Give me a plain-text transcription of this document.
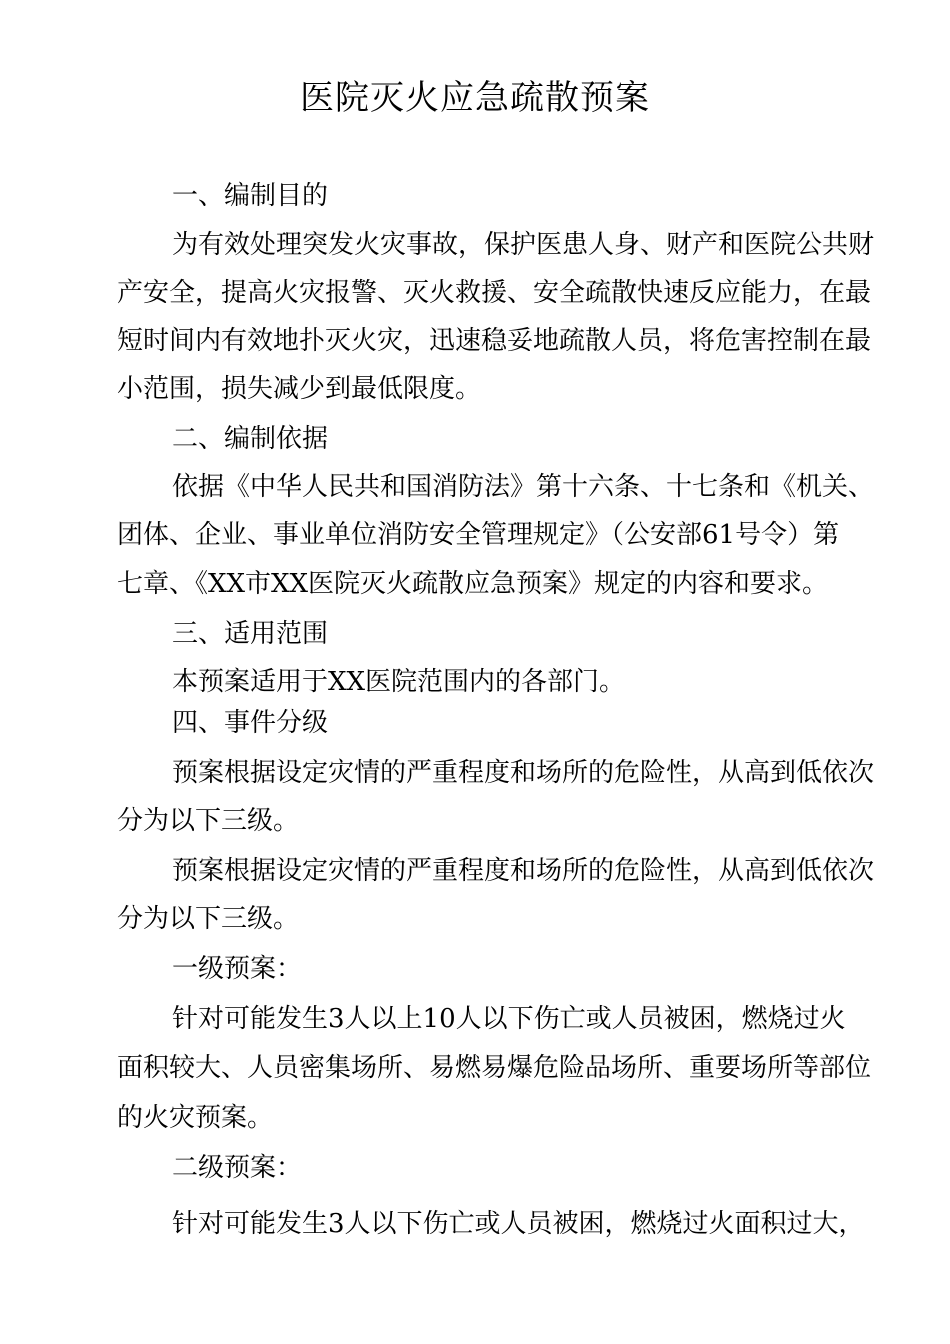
医院灭火应急疏散预案
一、编制目的
为有效处理突发火灾事故，保护医患人身、财产和医院公共财
产安全，提高火灾报警、灭火救援、安全疏散快速反应能力，在最
短时间内有效地扑灭火灾，迅速稳妥地疏散人员，将危害控制在最
小范围，损失减少到最低限度。
二、编制依据
依据《中华人民共和国消防法》第十六条、十七条和《机关、
团体、企业、事业单位消防安全管理规定》（公安部61号令）第
七章、《XX市XX医院灭火疏散应急预案》规定的内容和要求。
三、适用范围
本预案适用于XX医院范围内的各部门。
四、事件分级
预案根据设定灾情的严重程度和场所的危险性，从高到低依次
分为以下三级。
预案根据设定灾情的严重程度和场所的危险性，从高到低依次
分为以下三级。
一级预案：
针对可能发生3人以上10人以下伤亡或人员被困，燃烧过火
面积较大、人员密集场所、易燃易爆危险品场所、重要场所等部位
的火灾预案。
二级预案：
针对可能发生3人以下伤亡或人员被困，燃烧过火面积过大，
